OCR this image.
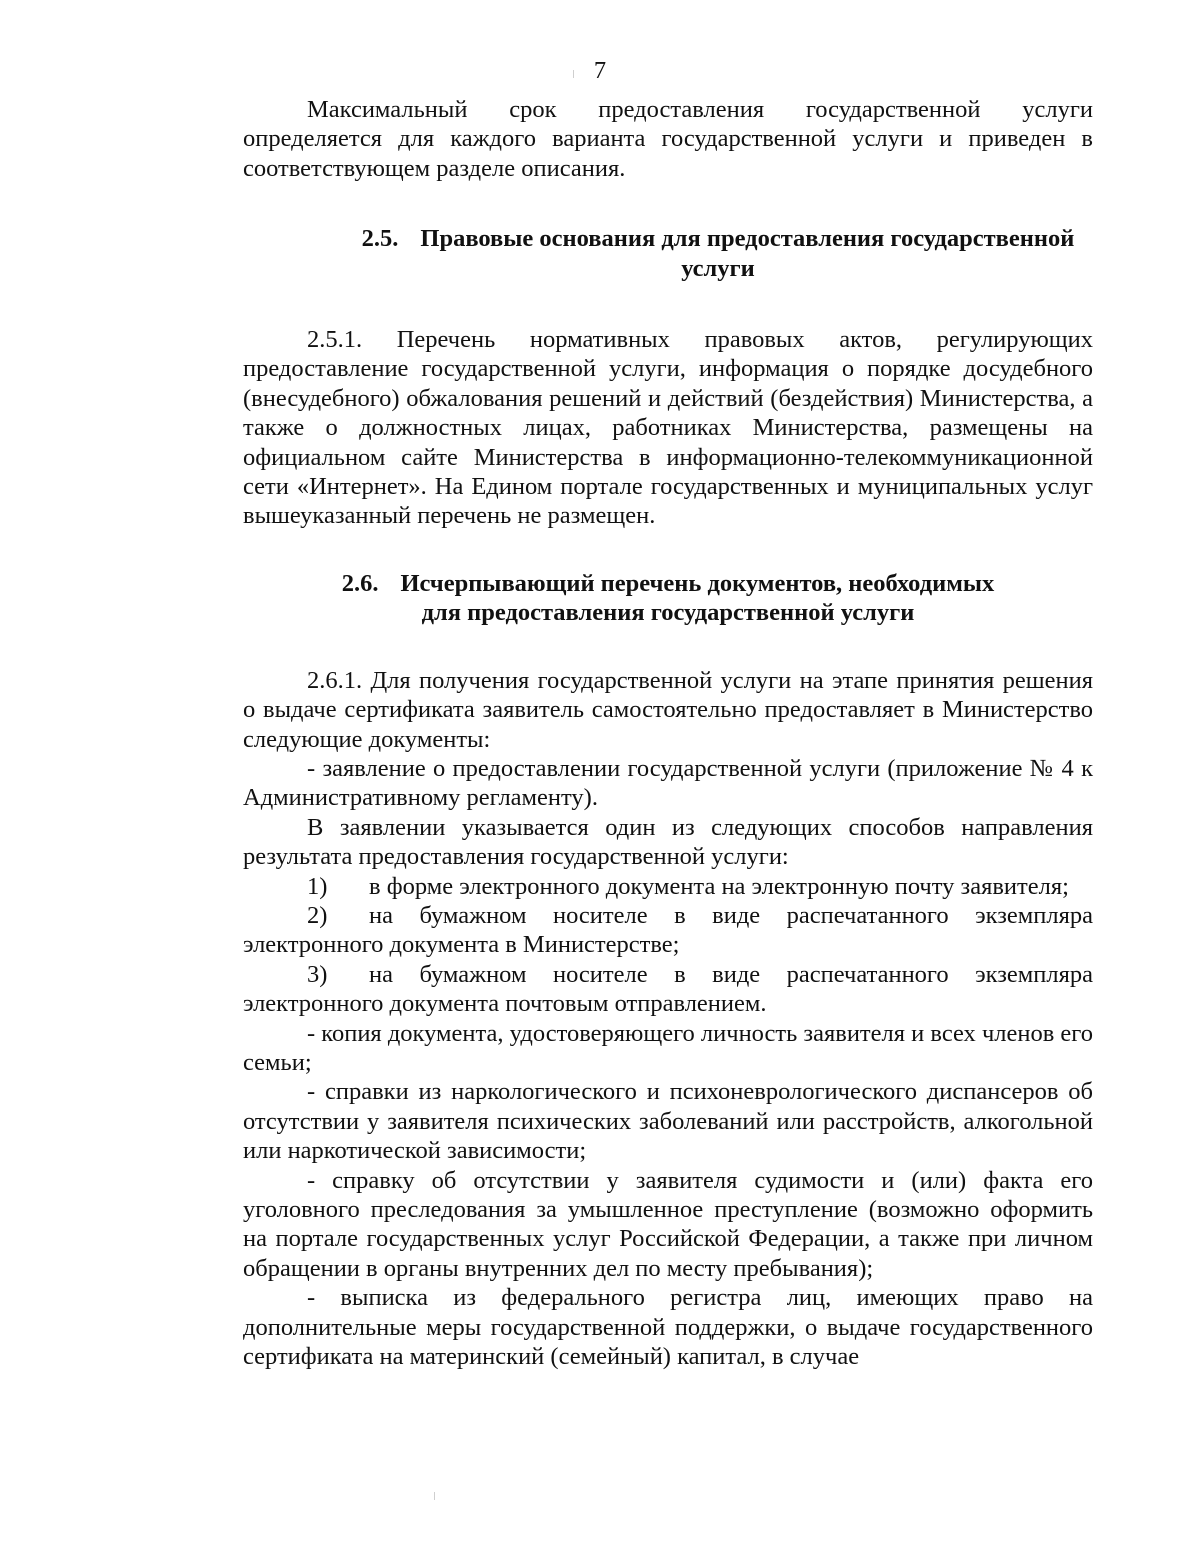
7

Максимальный срок предоставления государственной услуги определяется для каждого варианта государственной услуги и приведен в соответствующем разделе описания.

2.5. Правовые основания для предоставления государственной
услуги

2.5.1. Перечень нормативных правовых актов, регулирующих предоставление государственной услуги, информация о порядке досудебного (внесудебного) обжалования решений и действий (бездействия) Министерства, а также о должностных лицах, работниках Министерства, размещены на официальном сайте Министерства в информационно-телекоммуникационной сети «Интернет». На Едином портале государственных и муниципальных услуг вышеуказанный перечень не размещен.

2.6. Исчерпывающий перечень документов, необходимых
для предоставления государственной услуги

2.6.1. Для получения государственной услуги на этапе принятия решения о выдаче сертификата заявитель самостоятельно предоставляет в Министерство следующие документы:

- заявление о предоставлении государственной услуги (приложение № 4 к Административному регламенту).

В заявлении указывается один из следующих способов направления результата предоставления государственной услуги:

1) в форме электронного документа на электронную почту заявителя;

2) на бумажном носителе в виде распечатанного экземпляра электронного документа в Министерстве;

3) на бумажном носителе в виде распечатанного экземпляра электронного документа почтовым отправлением.

- копия документа, удостоверяющего личность заявителя и всех членов его семьи;

- справки из наркологического и психоневрологического диспансеров об отсутствии у заявителя психических заболеваний или расстройств, алкогольной или наркотической зависимости;

- справку об отсутствии у заявителя судимости и (или) факта его уголовного преследования за умышленное преступление (возможно оформить на портале государственных услуг Российской Федерации, а также при личном обращении в органы внутренних дел по месту пребывания);

- выписка из федерального регистра лиц, имеющих право на дополнительные меры государственной поддержки, о выдаче государственного сертификата на материнский (семейный) капитал, в случае
